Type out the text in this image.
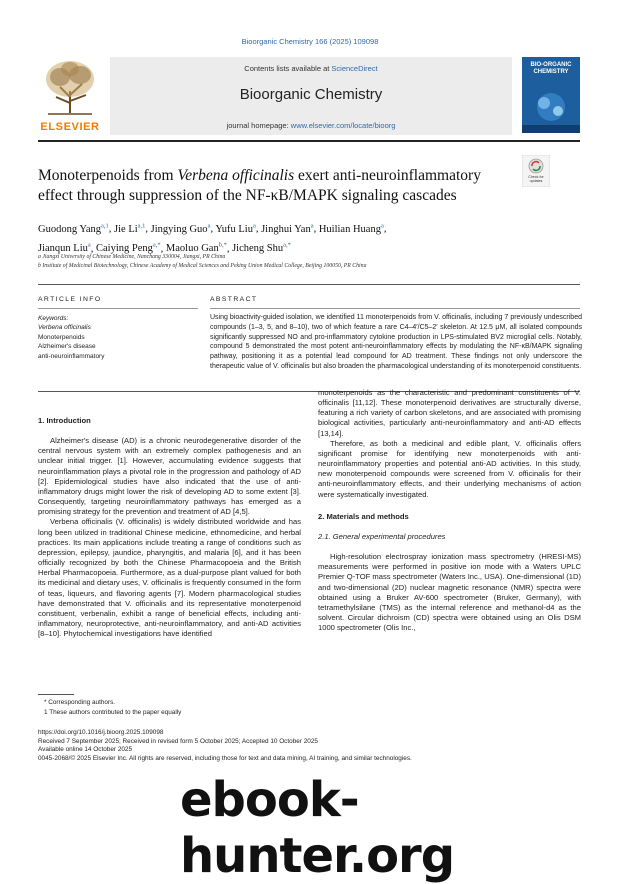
Bioorganic Chemistry 166 (2025) 109098
ELSEVIER
Contents lists available at ScienceDirect
Bioorganic Chemistry
journal homepage: www.elsevier.com/locate/bioorg
BIO-ORGANIC CHEMISTRY
Monoterpenoids from Verbena officinalis exert anti-neuroinflammatory effect through suppression of the NF-κB/MAPK signaling cascades
Check for updates
Guodong Yang$^{a,1}$, Jie Li$^{a,1}$, Jingying Guo$^a$, Yufu Liu$^a$, Jinghui Yan$^a$, Huilian Huang$^a$,
Jianqun Liu$^a$, Caiying Peng$^{a,*}$, Maoluo Gan$^{b,*}$, Jicheng Shu$^{a,*}$
a Jiangxi University of Chinese Medicine, Nanchang 330004, Jiangxi, PR China
b Institute of Medicinal Biotechnology, Chinese Academy of Medical Sciences and Peking Union Medical College, Beijing 100050, PR China
ARTICLE INFO	ABSTRACT
Keywords:
Verbena officinalis
Monoterpenoids
Alzheimer's disease
anti-neuroinflammatory
Using bioactivity-guided isolation, we identified 11 monoterpenoids from V. officinalis, including 7 previously undescribed compounds (1–3, 5, and 8–10), two of which feature a rare C4–4′/C5–2′ skeleton. At 12.5 μM, all isolated compounds significantly suppressed NO and pro-inflammatory cytokine production in LPS-stimulated BV2 microglial cells. Notably, compound 5 demonstrated the most potent anti-neuroinflammatory effects by modulating the NF-κB/MAPK signaling pathway, positioning it as a potential lead compound for AD treatment. These findings not only underscore the therapeutic value of V. officinalis but also broaden the pharmacological understanding of its monoterpenoid constituents.
1. Introduction

Alzheimer's disease (AD) is a chronic neurodegenerative disorder of the central nervous system with an extremely complex pathogenesis and an unclear initial trigger. [1]. However, accumulating evidence suggests that neuroinflammation plays a pivotal role in the progression and pathology of AD [2]. Epidemiological studies have also indicated that the use of anti-inflammatory drugs might lower the risk of developing AD to some extent [3]. Consequently, targeting neuroinflammatory pathways has emerged as a promising strategy for the prevention and treatment of AD [4,5].

Verbena officinalis (V. officinalis) is widely distributed worldwide and has long been utilized in traditional Chinese medicine, ethnomedicine, and herbal practices. Its main applications include treating a range of conditions such as depression, epilepsy, jaundice, pharyngitis, and malaria [6], and it has been officially recognized by both the Chinese Pharmacopoeia and the British Herbal Pharmacopoeia. Furthermore, as a dual-purpose plant valued for both its medicinal and dietary uses, V. officinalis is frequently consumed in the form of teas, liqueurs, and flavoring agents [7]. Modern pharmacological studies have demonstrated that V. officinalis and its representative monoterpenoid constituent, verbenalin, exhibit a range of beneficial effects, including anti-inflammatory, neuroprotective, anti-neuroinflammatory, and anti-AD activities [8–10]. Phytochemical investigations have identified

monoterpenoids as the characteristic and predominant constituents of V. officinalis [11,12]. These monoterpenoid derivatives are structurally diverse, featuring a rich variety of carbon skeletons, and are associated with promising biological activities, particularly anti-neuroinflammatory and anti-AD effects [13,14].

Therefore, as both a medicinal and edible plant, V. officinalis offers significant promise for identifying new monoterpenoids with anti-neuroinflammatory properties and potential anti-AD activities. In this study, new monoterpenoid compounds were screened from V. officinalis for their anti-neuroinflammatory effects, and their underlying mechanisms of action were systematically investigated.

2. Materials and methods
2.1. General experimental procedures

High-resolution electrospray ionization mass spectrometry (HRESI-MS) measurements were performed in positive ion mode with a Waters UPLC Premier Q-TOF mass spectrometer (Waters Inc., USA). One-dimensional (1D) and two-dimensional (2D) nuclear magnetic resonance (NMR) spectra were obtained using a Bruker AV-600 spectrometer (Bruker, Germany), with tetramethylsilane (TMS) as the internal reference and methanol-d4 as the solvent. Circular dichroism (CD) spectra were obtained using an Olis DSM 1000 spectrometer (Olis Inc.,

* Corresponding authors.
1 These authors contributed to the paper equally
https://doi.org/10.1016/j.bioorg.2025.109098
Received 7 September 2025; Received in revised form 5 October 2025; Accepted 10 October 2025
Available online 14 October 2025
0045-2068/© 2025 Elsevier Inc. All rights are reserved, including those for text and data mining, AI training, and similar technologies.
ebook-hunter.org
